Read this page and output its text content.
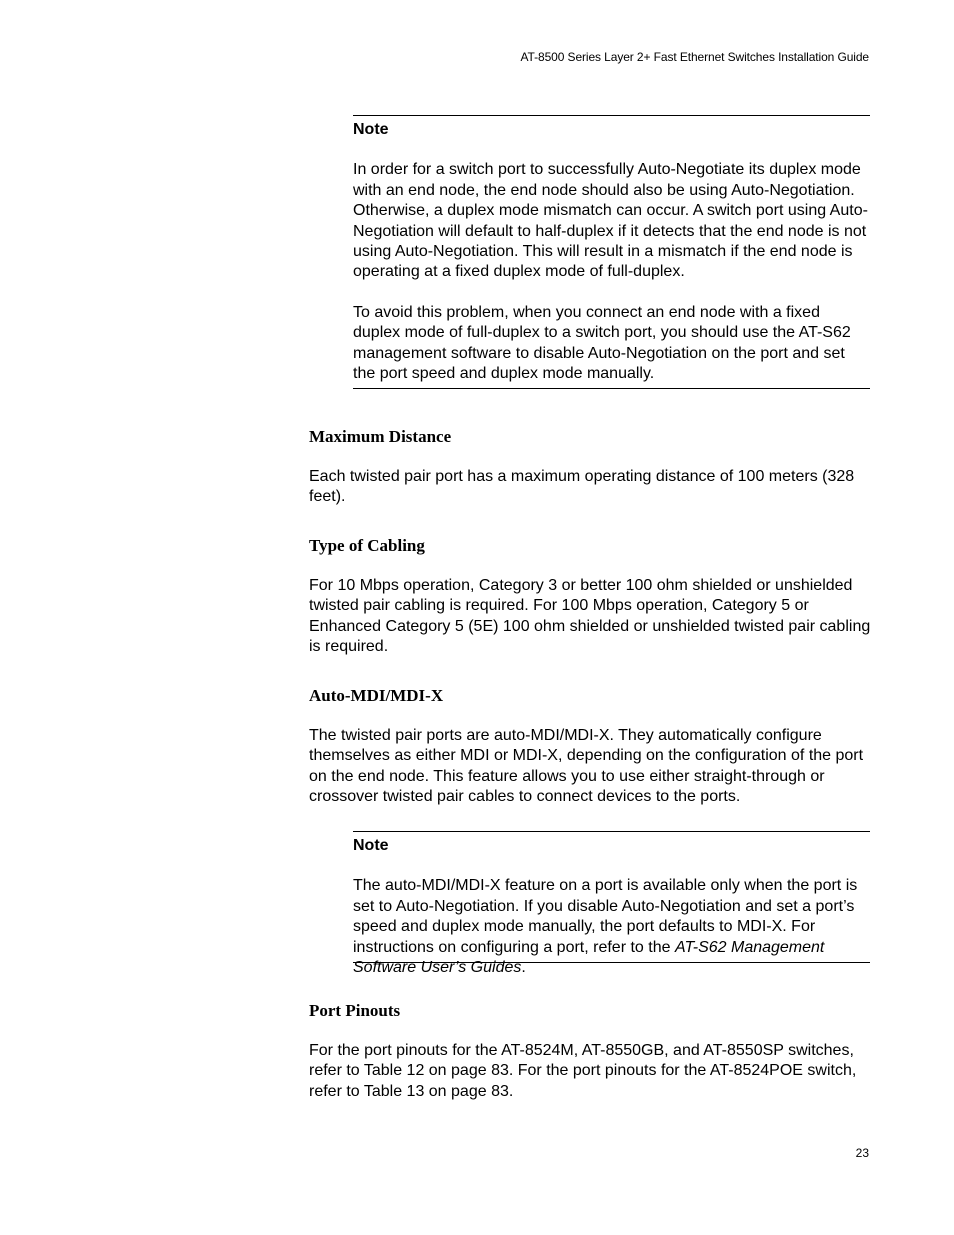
AT-8500 Series Layer 2+ Fast Ethernet Switches Installation Guide

Note

In order for a switch port to successfully Auto-Negotiate its duplex mode with an end node, the end node should also be using Auto-Negotiation. Otherwise, a duplex mode mismatch can occur. A switch port using Auto-Negotiation will default to half-duplex if it detects that the end node is not using Auto-Negotiation. This will result in a mismatch if the end node is operating at a fixed duplex mode of full-duplex.

To avoid this problem, when you connect an end node with a fixed duplex mode of full-duplex to a switch port, you should use the AT-S62 management software to disable Auto-Negotiation on the port and set the port speed and duplex mode manually.

Maximum Distance

Each twisted pair port has a maximum operating distance of 100 meters (328 feet).

Type of Cabling

For 10 Mbps operation, Category 3 or better 100 ohm shielded or unshielded twisted pair cabling is required. For 100 Mbps operation, Category 5 or Enhanced Category 5 (5E) 100 ohm shielded or unshielded twisted pair cabling is required.

Auto-MDI/MDI-X

The twisted pair ports are auto-MDI/MDI-X. They automatically configure themselves as either MDI or MDI-X, depending on the configuration of the port on the end node. This feature allows you to use either straight-through or crossover twisted pair cables to connect devices to the ports.

Note

The auto-MDI/MDI-X feature on a port is available only when the port is set to Auto-Negotiation. If you disable Auto-Negotiation and set a port’s speed and duplex mode manually, the port defaults to MDI-X. For instructions on configuring a port, refer to the AT-S62 Management Software User’s Guides.

Port Pinouts

For the port pinouts for the AT-8524M, AT-8550GB, and AT-8550SP switches, refer to Table 12 on page 83. For the port pinouts for the AT-8524POE switch, refer to Table 13 on page 83.

23
